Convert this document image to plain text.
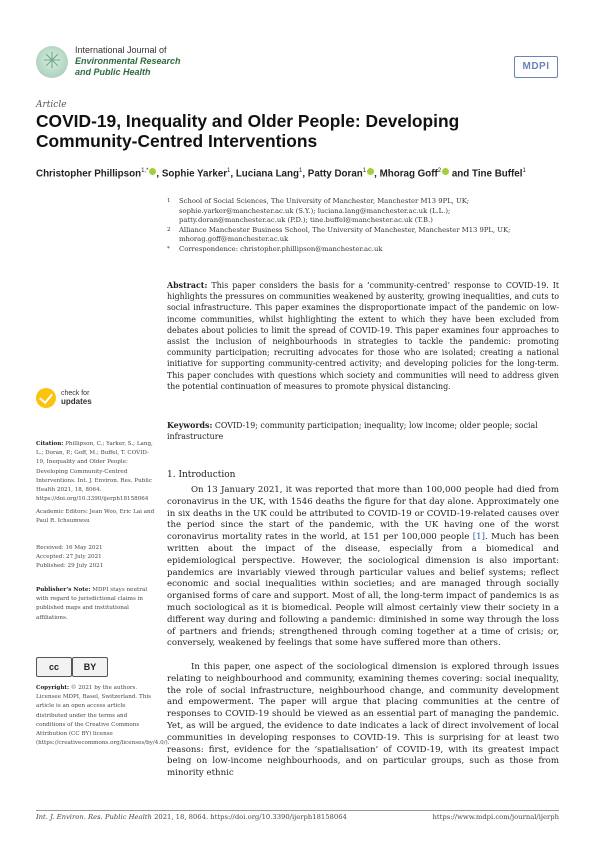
✳	International Journal of
Environmental Research
and Public Health	MDPI
Article
COVID-19, Inequality and Older People: Developing Community-Centred Interventions
Christopher Phillipson$^{1,*}$ , Sophie Yarker$^1$, Luciana Lang$^1$, Patty Doran$^1$ , Mhorag Goff$^2$ and Tine Buffel$^1$
1	School of Social Sciences, The University of Manchester, Manchester M13 9PL, UK;
sophie.yarker@manchester.ac.uk (S.Y.); luciana.lang@manchester.ac.uk (L.L.);
patty.doran@manchester.ac.uk (P.D.); tine.buffel@manchester.ac.uk (T.B.)
2	Alliance Manchester Business School, The University of Manchester, Manchester M13 9PL, UK;
mhorag.goff@manchester.ac.uk
*	Correspondence: christopher.phillipson@manchester.ac.uk

Abstract: This paper considers the basis for a ‘community-centred’ response to COVID-19. It highlights the pressures on communities weakened by austerity, growing inequalities, and cuts to social infrastructure. This paper examines the disproportionate impact of the pandemic on low-income communities, whilst highlighting the extent to which they have been excluded from debates about policies to limit the spread of COVID-19. This paper examines four approaches to assist the inclusion of neighbourhoods in strategies to tackle the pandemic: promoting community participation; recruiting advocates for those who are isolated; creating a national initiative for supporting community-centred activity; and developing policies for the long-term. This paper concludes with questions which society and communities will need to address given the potential continuation of measures to promote physical distancing.

Keywords: COVID-19; community participation; inequality; low income; older people; social infrastructure

check for
updates
Citation: Phillipson, C.; Yarker, S.; Lang, L.; Doran, P.; Goff, M.; Buffel, T. COVID-19, Inequality and Older People: Developing Community-Centred Interventions. Int. J. Environ. Res. Public Health 2021, 18, 8064. https://doi.org/10.3390/ijerph18158064
Academic Editors: Jean Woo, Eric Lai and Paul R. Ichsumwsu
Received: 16 May 2021
Accepted: 27 July 2021
Published: 29 July 2021
Publisher’s Note: MDPI stays neutral with regard to jurisdictional claims in published maps and institutional affiliations.
cc	BY
Copyright: © 2021 by the authors. Licensee MDPI, Basel, Switzerland. This article is an open access article distributed under the terms and conditions of the Creative Commons Attribution (CC BY) license (https://creativecommons.org/licenses/by/4.0/).
1. Introduction

On 13 January 2021, it was reported that more than 100,000 people had died from coronavirus in the UK, with 1546 deaths the figure for that day alone. Approximately one in six deaths in the UK could be attributed to COVID-19 or COVID-19-related causes over the period since the start of the pandemic, with the UK having one of the worst coronavirus mortality rates in the world, at 151 per 100,000 people [1]. Much has been written about the impact of the disease, especially from a biomedical and epidemiological perspective. However, the sociological dimension is also important: pandemics are invariably viewed through particular values and belief systems; reflect economic and social inequalities within societies; and are managed through socially organised forms of care and support. Most of all, the long-term impact of pandemics is as much sociological as it is biomedical. People will almost certainly view their society in a different way during and following a pandemic: diminished in some way through the loss of partners and friends; strengthened through coming together at a time of crisis; or, conversely, weakened by feelings that some have suffered more than others.

In this paper, one aspect of the sociological dimension is explored through issues relating to neighbourhood and community, examining themes covering: social inequality, the role of social infrastructure, neighbourhood change, and community development and empowerment. The paper will argue that placing communities at the centre of responses to COVID-19 should be viewed as an essential part of managing the pandemic. Yet, as will be argued, the evidence to date indicates a lack of direct involvement of local communities in developing responses to COVID-19. This is surprising for at least two reasons: first, evidence for the ‘spatialisation’ of COVID-19, with its greatest impact being on low-income neighbourhoods, and on particular groups, such as those from minority ethnic

Int. J. Environ. Res. Public Health 2021, 18, 8064. https://doi.org/10.3390/ijerph18158064	https://www.mdpi.com/journal/ijerph
